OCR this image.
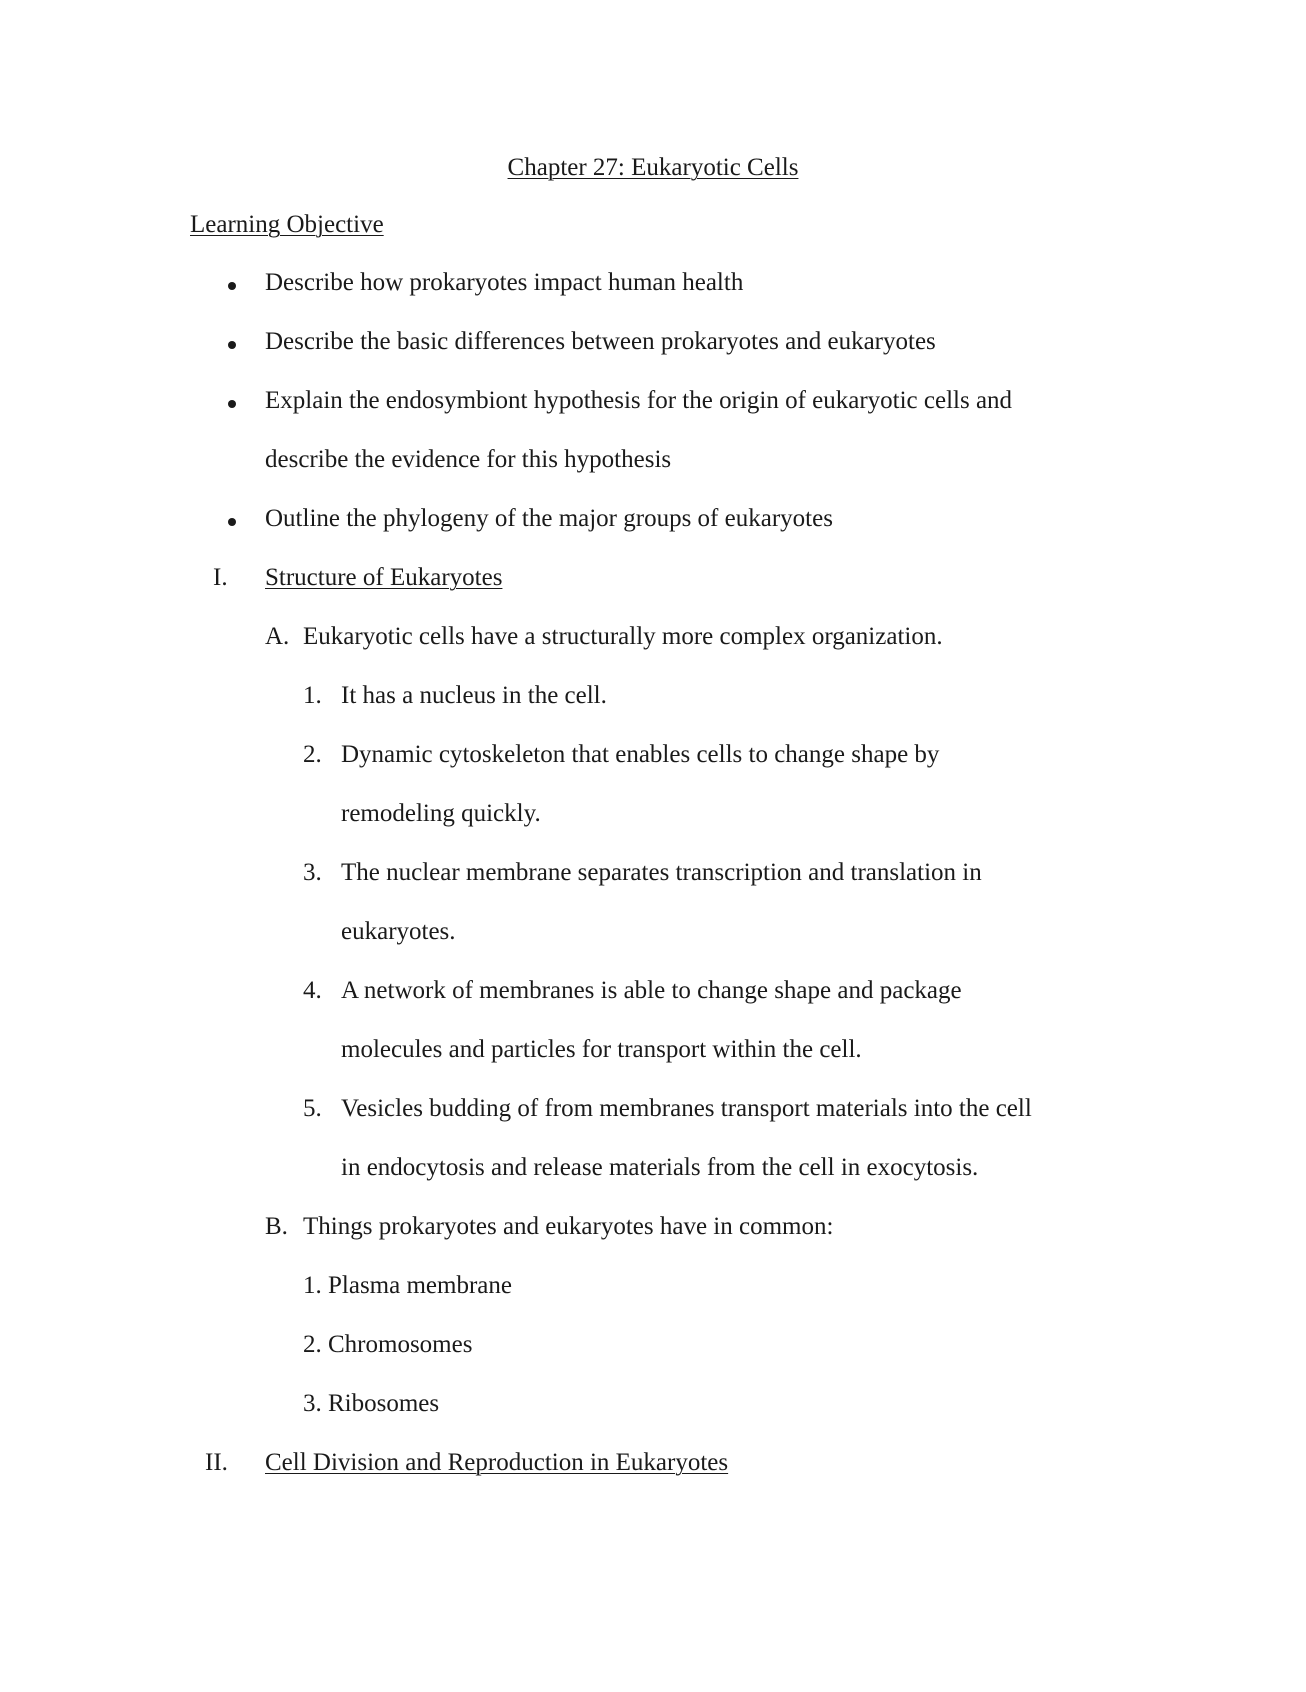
Chapter 27: Eukaryotic Cells
Learning Objective
Describe how prokaryotes impact human health
Describe the basic differences between prokaryotes and eukaryotes
Explain the endosymbiont hypothesis for the origin of eukaryotic cells and
describe the evidence for this hypothesis
Outline the phylogeny of the major groups of eukaryotes
I. Structure of Eukaryotes
A. Eukaryotic cells have a structurally more complex organization.
1. It has a nucleus in the cell.
2. Dynamic cytoskeleton that enables cells to change shape by
remodeling quickly.
3. The nuclear membrane separates transcription and translation in
eukaryotes.
4. A network of membranes is able to change shape and package
molecules and particles for transport within the cell.
5. Vesicles budding of from membranes transport materials into the cell
in endocytosis and release materials from the cell in exocytosis.
B. Things prokaryotes and eukaryotes have in common:
1. Plasma membrane
2. Chromosomes
3. Ribosomes
II. Cell Division and Reproduction in Eukaryotes
